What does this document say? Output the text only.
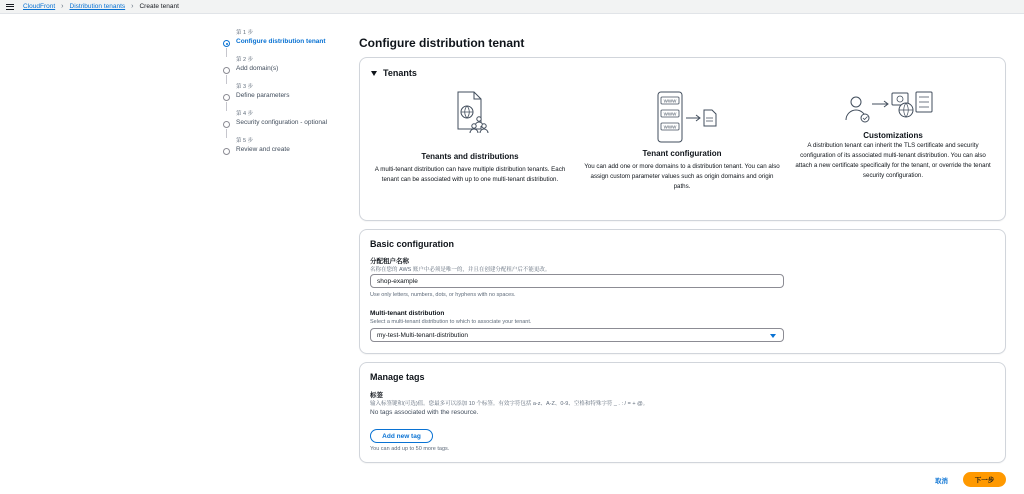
CloudFront › Distribution tenants › Create tenant
第 1 步
Configure distribution tenant
第 2 步
Add domain(s)
第 3 步
Define parameters
第 4 步
Security configuration - optional
第 5 步
Review and create
Configure distribution tenant
Tenants
Tenants and distributions
A multi-tenant distribution can have multiple distribution tenants. Each tenant can be associated with up to one multi-tenant distribution.
WWW
WWW
WWW
Tenant configuration
You can add one or more domains to a distribution tenant. You can also assign custom parameter values such as origin domains and origin paths.
Customizations
A distribution tenant can inherit the TLS certificate and security configuration of its associated multi-tenant distribution. You can also attach a new certificate specifically for the tenant, or override the tenant security configuration.
Basic configuration
分配租户名称
名称在您的 AWS 账户中必须是唯一的，并且在创建分配租户后不能更改。
shop-example
Use only letters, numbers, dots, or hyphens with no spaces.
Multi-tenant distribution
Select a multi-tenant distribution to which to associate your tenant.
my-test-Multi-tenant-distribution
Manage tags
标签
输入标签键和(可选)值。您最多可以添加 10 个标签。有效字符包括 a-z、A-Z、0-9、空格和特殊字符 _ . : / = + @。
No tags associated with the resource.
Add new tag
You can add up to 50 more tags.
取消	下一步
